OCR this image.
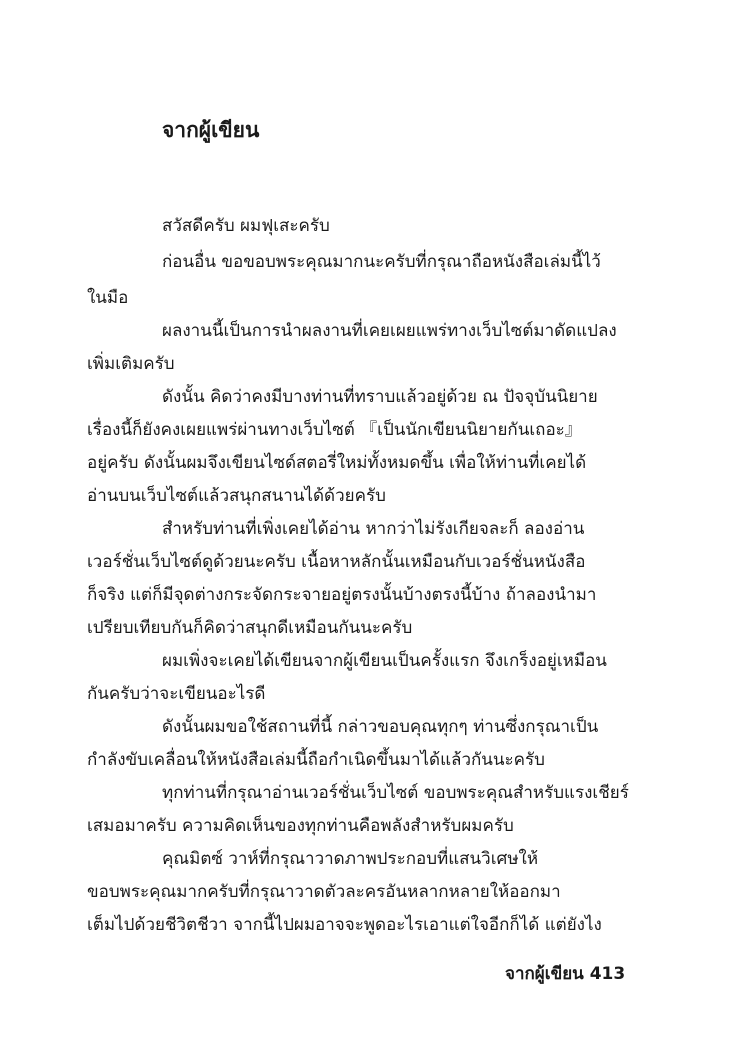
จากผู้เขียน

สวัสดีครับ ผมฟุเสะครับ

ก่อนอื่น ขอขอบพระคุณมากนะครับที่กรุณาถือหนังสือเล่มนี้ไว้

ในมือ

ผลงานนี้เป็นการนำผลงานที่เคยเผยแพร่ทางเว็บไซต์มาดัดแปลง

เพิ่มเติมครับ

ดังนั้น คิดว่าคงมีบางท่านที่ทราบแล้วอยู่ด้วย ณ ปัจจุบันนิยาย

เรื่องนี้ก็ยังคงเผยแพร่ผ่านทางเว็บไซต์ 『เป็นนักเขียนนิยายกันเถอะ』

อยู่ครับ ดังนั้นผมจึงเขียนไซด์สตอรี่ใหม่ทั้งหมดขึ้น เพื่อให้ท่านที่เคยได้

อ่านบนเว็บไซต์แล้วสนุกสนานได้ด้วยครับ

สำหรับท่านที่เพิ่งเคยได้อ่าน หากว่าไม่รังเกียจละก็ ลองอ่าน

เวอร์ชั่นเว็บไซต์ดูด้วยนะครับ เนื้อหาหลักนั้นเหมือนกับเวอร์ชั่นหนังสือ

ก็จริง แต่ก็มีจุดต่างกระจัดกระจายอยู่ตรงนั้นบ้างตรงนี้บ้าง ถ้าลองนำมา

เปรียบเทียบกันก็คิดว่าสนุกดีเหมือนกันนะครับ

ผมเพิ่งจะเคยได้เขียนจากผู้เขียนเป็นครั้งแรก จึงเกร็งอยู่เหมือน

กันครับว่าจะเขียนอะไรดี

ดังนั้นผมขอใช้สถานที่นี้ กล่าวขอบคุณทุกๆ ท่านซึ่งกรุณาเป็น

กำลังขับเคลื่อนให้หนังสือเล่มนี้ถือกำเนิดขึ้นมาได้แล้วกันนะครับ

ทุกท่านที่กรุณาอ่านเวอร์ชั่นเว็บไซต์ ขอบพระคุณสำหรับแรงเชียร์

เสมอมาครับ ความคิดเห็นของทุกท่านคือพลังสำหรับผมครับ

คุณมิตซ์ วาห์ที่กรุณาวาดภาพประกอบที่แสนวิเศษให้

ขอบพระคุณมากครับที่กรุณาวาดตัวละครอันหลากหลายให้ออกมา

เต็มไปด้วยชีวิตชีวา จากนี้ไปผมอาจจะพูดอะไรเอาแต่ใจอีกก็ได้ แต่ยังไง

จากผู้เขียน 413
